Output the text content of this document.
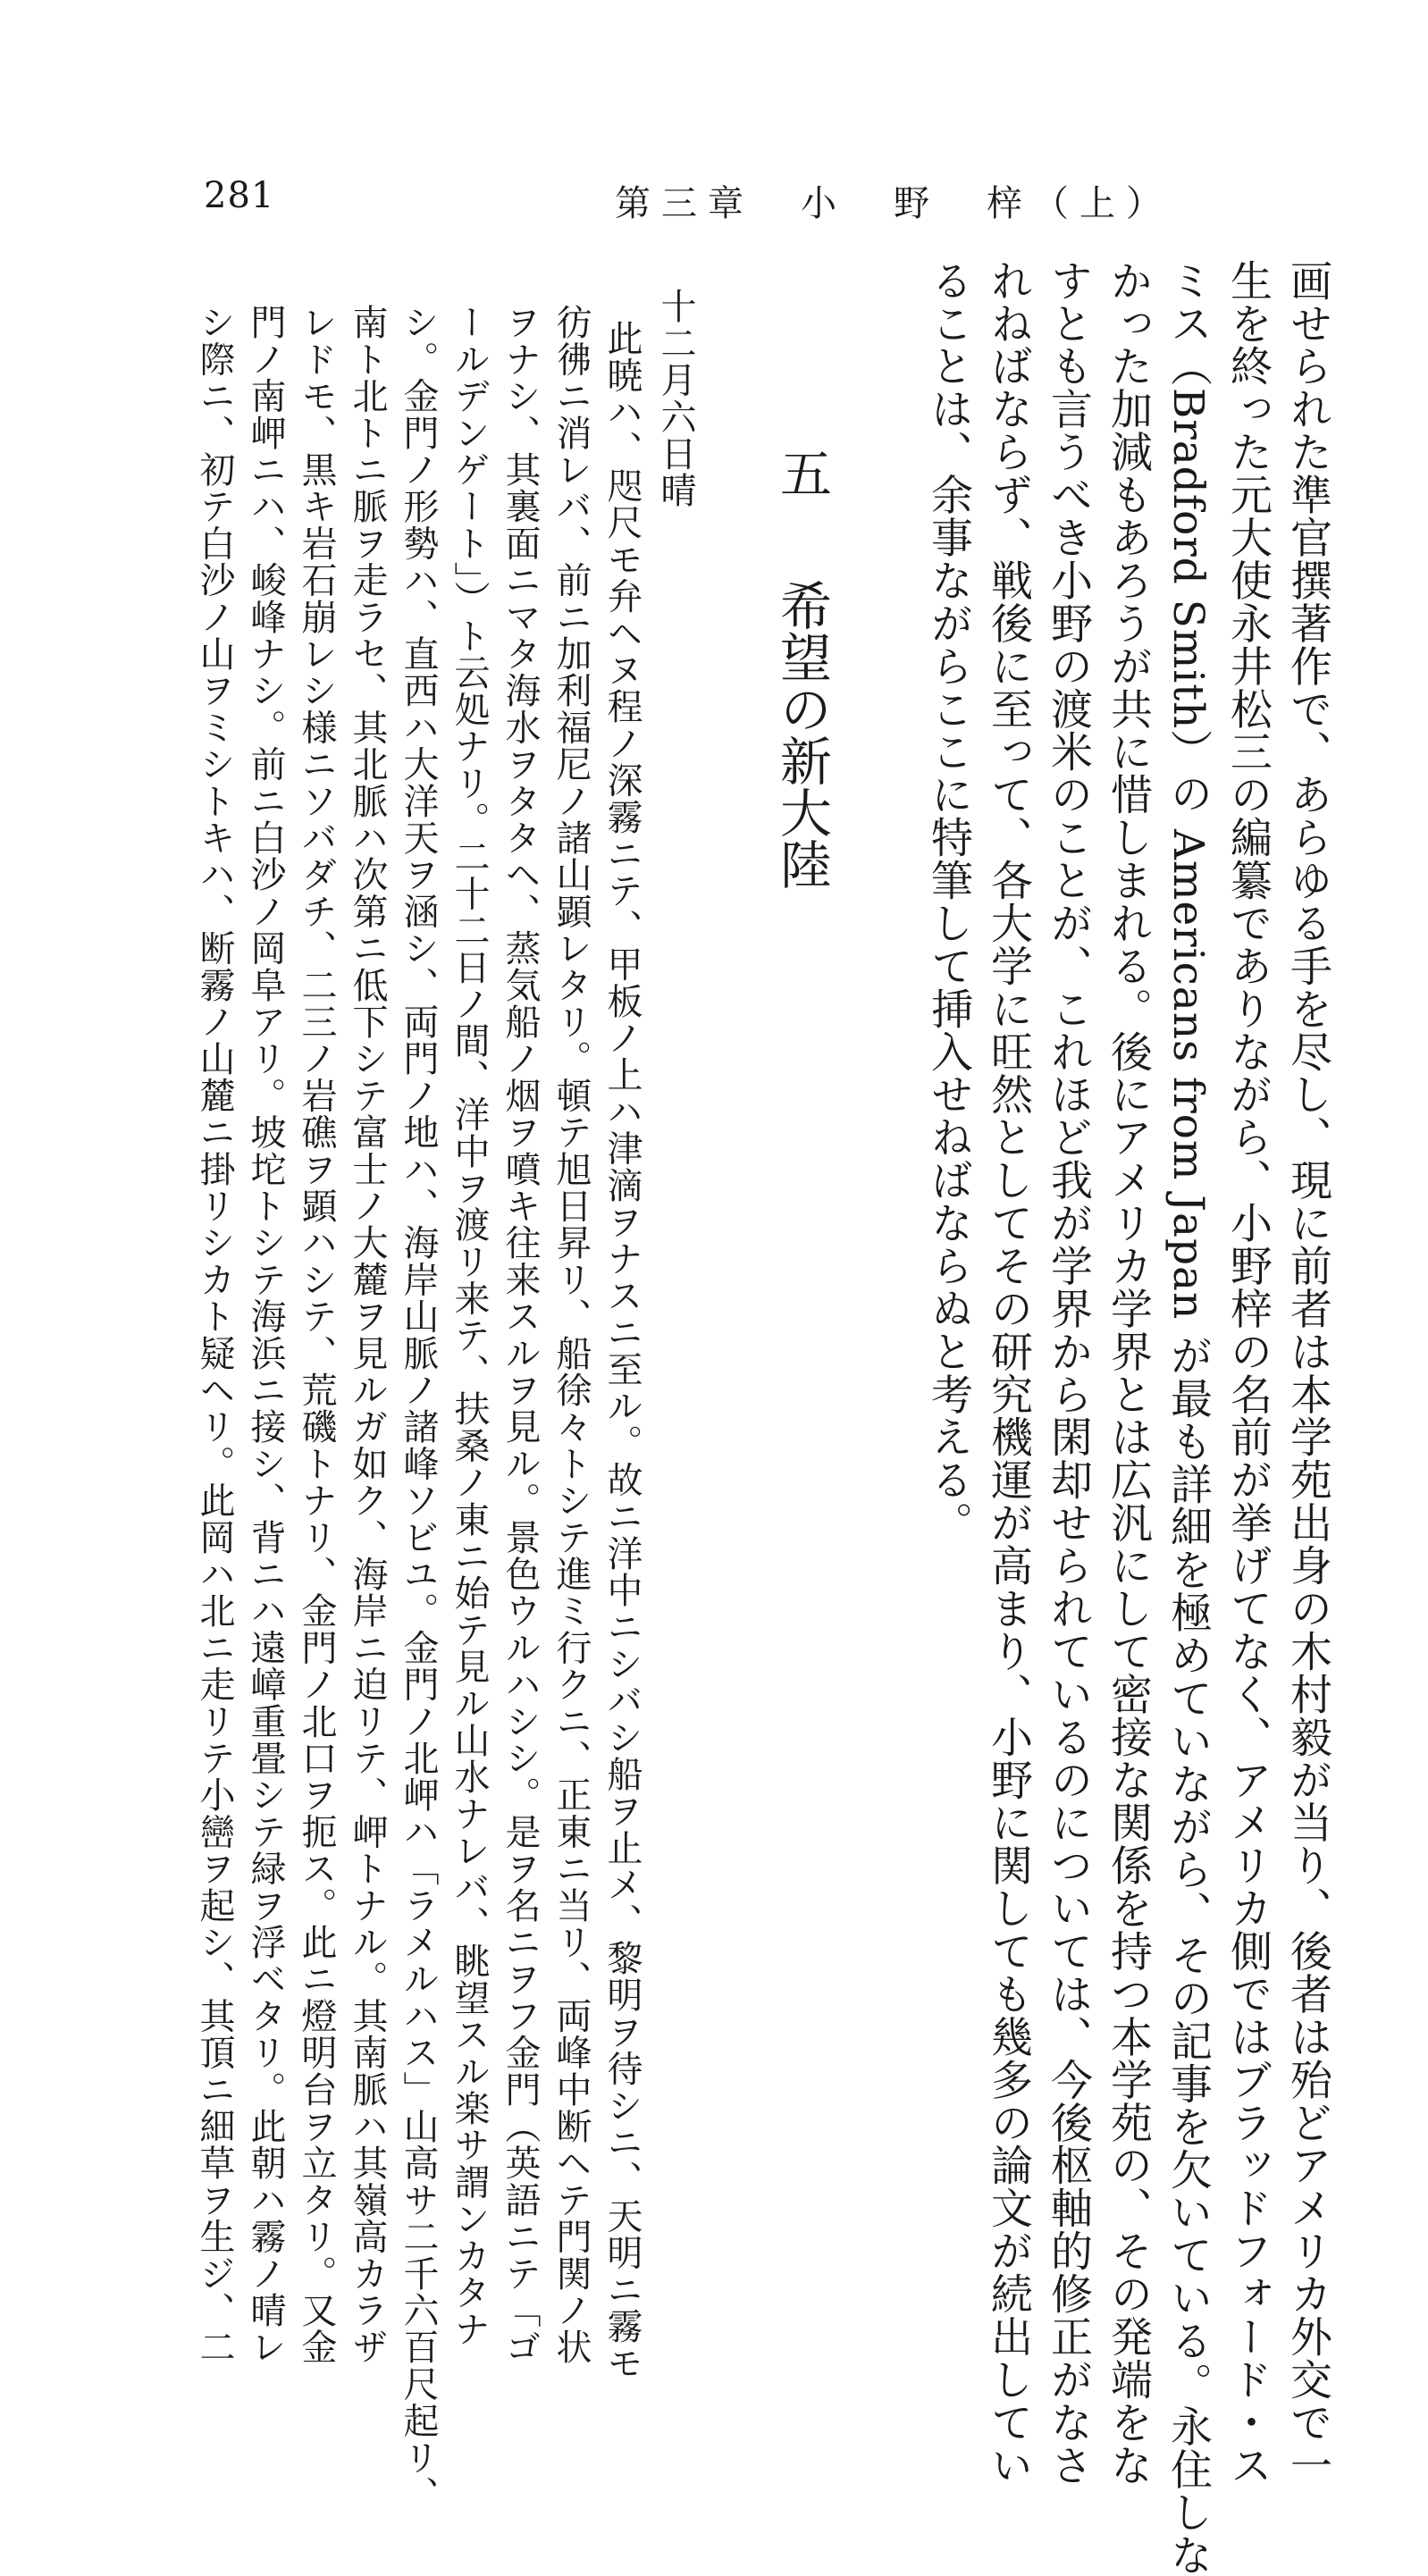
281	第三章　小　野　梓（上）
画せられた準官撰著作で、あらゆる手を尽し、現に前者は本学苑出身の木村毅が当り、後者は殆どアメリカ外交で一
生を終った元大使永井松三の編纂でありながら、小野梓の名前が挙げてなく、アメリカ側ではブラッドフォード・ス
ミス（Bradford Smith）の Americans from Japan が最も詳細を極めていながら、その記事を欠いている。永住しな
かった加減もあろうが共に惜しまれる。後にアメリカ学界とは広汎にして密接な関係を持つ本学苑の、その発端をな
すとも言うべき小野の渡米のことが、これほど我が学界から閑却せられているのについては、今後枢軸的修正がなさ
れねばならず、戦後に至って、各大学に旺然としてその研究機運が高まり、小野に関しても幾多の論文が続出してい
ることは、余事ながらここに特筆して挿入せねばならぬと考える。
五希望の新大陸
十二月六日晴
此暁ハ、咫尺モ弁ヘヌ程ノ深霧ニテ、甲板ノ上ハ津滴ヲナスニ至ル。故ニ洋中ニシバシ船ヲ止メ、黎明ヲ待シニ、天明ニ霧モ
彷彿ニ消レバ、前ニ加利福尼ノ諸山顕レタリ。頓テ旭日昇リ、船徐々トシテ進ミ行クニ、正東ニ当リ、両峰中断ヘテ門関ノ状
ヲナシ、其裏面ニマタ海水ヲタタヘ、蒸気船ノ烟ヲ噴キ往来スルヲ見ル。景色ウルハシシ。是ヲ名ニヲフ金門（英語ニテ「ゴ
ールデンゲート」）ト云処ナリ。二十二日ノ間、洋中ヲ渡リ来テ、扶桑ノ東ニ始テ見ル山水ナレバ、眺望スル楽サ謂ンカタナ
シ。金門ノ形勢ハ、直西ハ大洋天ヲ涵シ、両門ノ地ハ、海岸山脈ノ諸峰ソビユ。金門ノ北岬ハ「ラメルハス」山高サ二千六百尺起リ、
南ト北トニ脈ヲ走ラセ、其北脈ハ次第ニ低下シテ富士ノ大麓ヲ見ルガ如ク、海岸ニ迫リテ、岬トナル。其南脈ハ其嶺高カラザ
レドモ、黒キ岩石崩レシ様ニソバダチ、二三ノ岩礁ヲ顕ハシテ、荒磯トナリ、金門ノ北口ヲ扼ス。此ニ燈明台ヲ立タリ。又金
門ノ南岬ニハ、峻峰ナシ。前ニ白沙ノ岡阜アリ。坡坨トシテ海浜ニ接シ、背ニハ遠嶂重畳シテ緑ヲ浮ベタリ。此朝ハ霧ノ晴レ
シ際ニ、初テ白沙ノ山ヲミシトキハ、断霧ノ山麓ニ掛リシカト疑ヘリ。此岡ハ北ニ走リテ小巒ヲ起シ、其頂ニ細草ヲ生ジ、二
